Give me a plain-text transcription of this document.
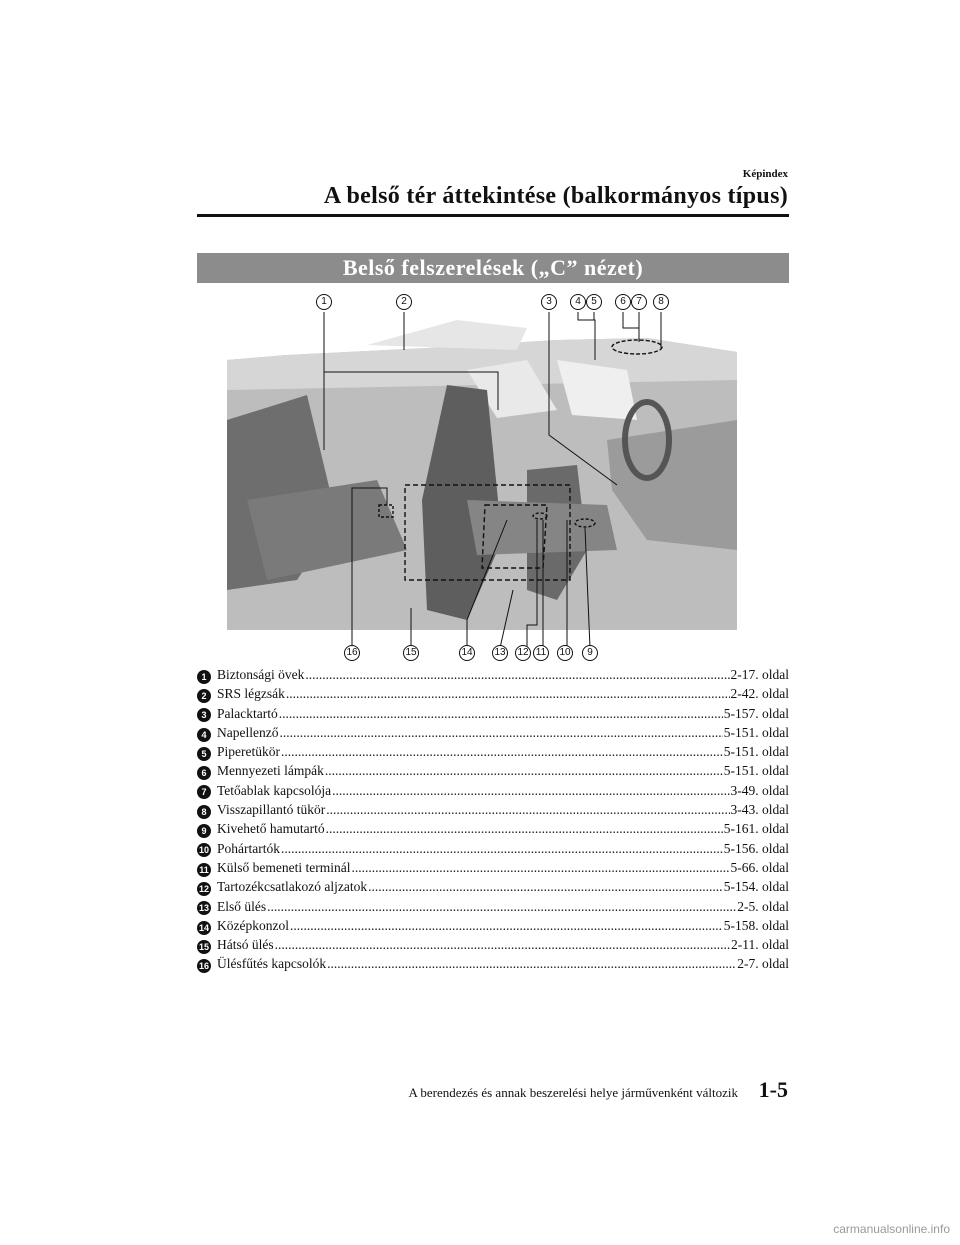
Képindex
A belső tér áttekintése (balkormányos típus)
Belső felszerelések („C” nézet)
1	2	3	4	5	6	7	8
16	15	14 13 12 11 10	9
1 Biztonsági övek .....	2-17. oldal
2 SRS légzsák .....	2-42. oldal
3 Palacktartó .....	5-157. oldal
4 Napellenző .....	5-151. oldal
5 Piperetükör .....	5-151. oldal
6 Mennyezeti lámpák .....	5-151. oldal
7 Tetőablak kapcsolója .....	3-49. oldal
8 Visszapillantó tükör .....	3-43. oldal
9 Kivehető hamutartó .....	5-161. oldal
10 Pohártartók .....	5-156. oldal
11 Külső bemeneti terminál .....	5-66. oldal
12 Tartozékcsatlakozó aljzatok .....	5-154. oldal
13 Első ülés .....	2-5. oldal
14 Középkonzol .....	5-158. oldal
15 Hátsó ülés .....	2-11. oldal
16 Ülésfűtés kapcsolók .....	2-7. oldal
A berendezés és annak beszerelési helye járművenként változik 1-5
carmanualsonline.info
